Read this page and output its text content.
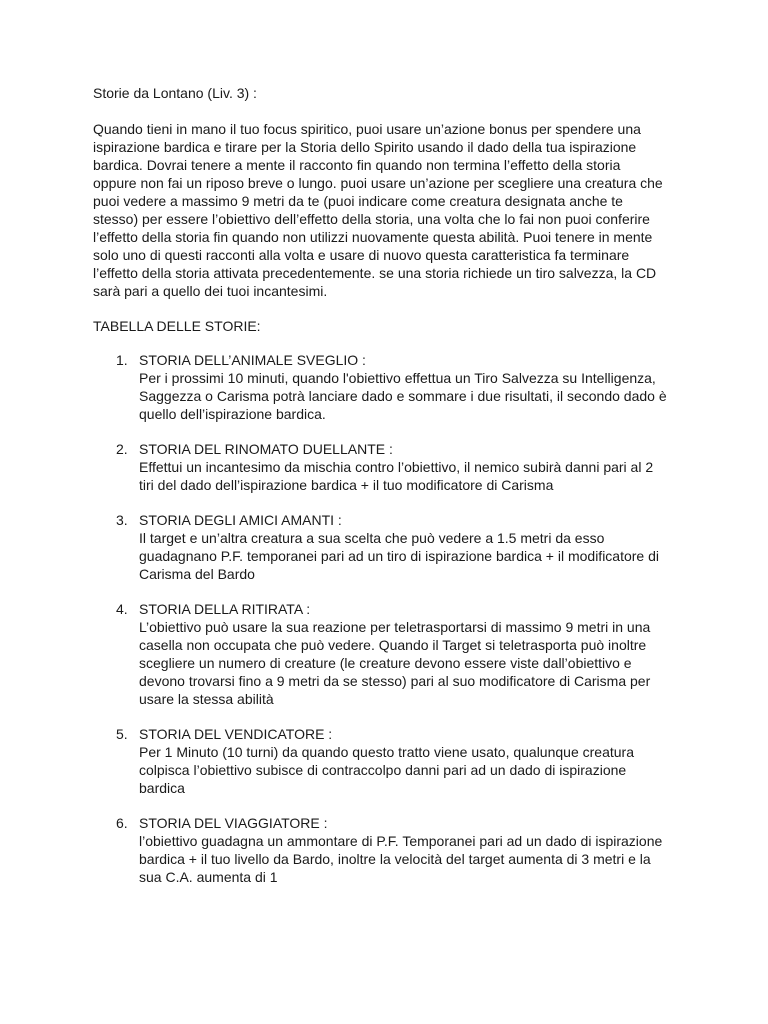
Storie da Lontano (Liv. 3) :

Quando tieni in mano il tuo focus spiritico, puoi usare un’azione bonus per spendere una
ispirazione bardica e tirare per la Storia dello Spirito usando il dado della tua ispirazione
bardica. Dovrai tenere a mente il racconto fin quando non termina l’effetto della storia
oppure non fai un riposo breve o lungo. puoi usare un’azione per scegliere una creatura che
puoi vedere a massimo 9 metri da te (puoi indicare come creatura designata anche te
stesso) per essere l’obiettivo dell’effetto della storia, una volta che lo fai non puoi conferire
l’effetto della storia fin quando non utilizzi nuovamente questa abilità. Puoi tenere in mente
solo uno di questi racconti alla volta e usare di nuovo questa caratteristica fa terminare
l’effetto della storia attivata precedentemente. se una storia richiede un tiro salvezza, la CD
sarà pari a quello dei tuoi incantesimi.

TABELLA DELLE STORIE:

1. STORIA DELL’ANIMALE SVEGLIO :
Per i prossimi 10 minuti, quando l'obiettivo effettua un Tiro Salvezza su Intelligenza,
Saggezza o Carisma potrà lanciare dado e sommare i due risultati, il secondo dado è
quello dell’ispirazione bardica.
2. STORIA DEL RINOMATO DUELLANTE :
Effettui un incantesimo da mischia contro l’obiettivo, il nemico subirà danni pari al 2
tiri del dado dell’ispirazione bardica + il tuo modificatore di Carisma
3. STORIA DEGLI AMICI AMANTI :
Il target e un’altra creatura a sua scelta che può vedere a 1.5 metri da esso
guadagnano P.F. temporanei pari ad un tiro di ispirazione bardica + il modificatore di
Carisma del Bardo
4. STORIA DELLA RITIRATA :
L’obiettivo può usare la sua reazione per teletrasportarsi di massimo 9 metri in una
casella non occupata che può vedere. Quando il Target si teletrasporta può inoltre
scegliere un numero di creature (le creature devono essere viste dall’obiettivo e
devono trovarsi fino a 9 metri da se stesso) pari al suo modificatore di Carisma per
usare la stessa abilità
5. STORIA DEL VENDICATORE :
Per 1 Minuto (10 turni) da quando questo tratto viene usato, qualunque creatura
colpisca l’obiettivo subisce di contraccolpo danni pari ad un dado di ispirazione
bardica
6. STORIA DEL VIAGGIATORE :
l’obiettivo guadagna un ammontare di P.F. Temporanei pari ad un dado di ispirazione
bardica + il tuo livello da Bardo, inoltre la velocità del target aumenta di 3 metri e la
sua C.A. aumenta di 1
